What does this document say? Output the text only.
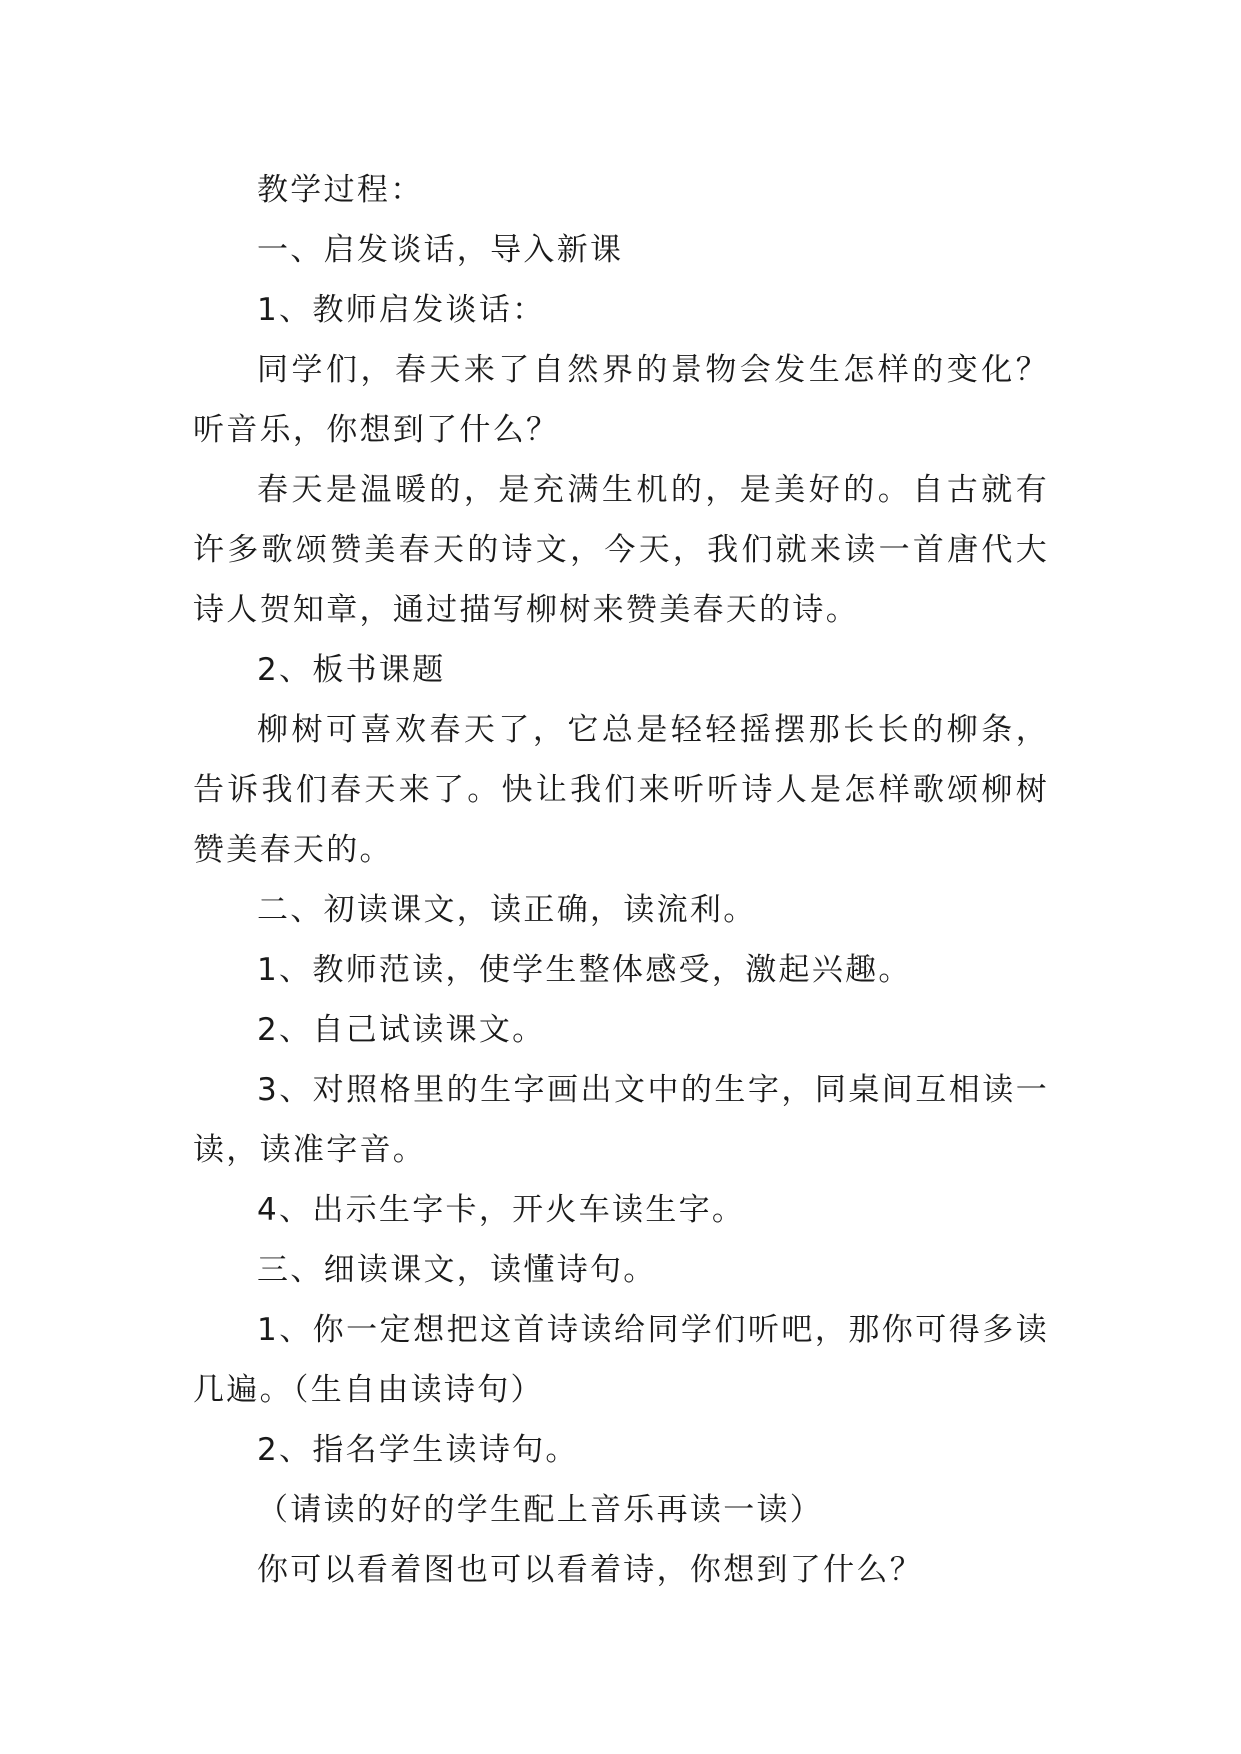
教学过程：

一、启发谈话，导入新课

1、教师启发谈话：

同学们，春天来了自然界的景物会发生怎样的变化？听音乐，你想到了什么？

春天是温暖的，是充满生机的，是美好的。自古就有许多歌颂赞美春天的诗文，今天，我们就来读一首唐代大诗人贺知章，通过描写柳树来赞美春天的诗。

2、板书课题

柳树可喜欢春天了，它总是轻轻摇摆那长长的柳条，告诉我们春天来了。快让我们来听听诗人是怎样歌颂柳树赞美春天的。

二、初读课文，读正确，读流利。

1、教师范读，使学生整体感受，激起兴趣。

2、自己试读课文。

3、对照格里的生字画出文中的生字，同桌间互相读一读，读准字音。

4、出示生字卡，开火车读生字。

三、细读课文，读懂诗句。

1、你一定想把这首诗读给同学们听吧，那你可得多读几遍。（生自由读诗句）

2、指名学生读诗句。

（请读的好的学生配上音乐再读一读）

你可以看着图也可以看着诗，你想到了什么？
